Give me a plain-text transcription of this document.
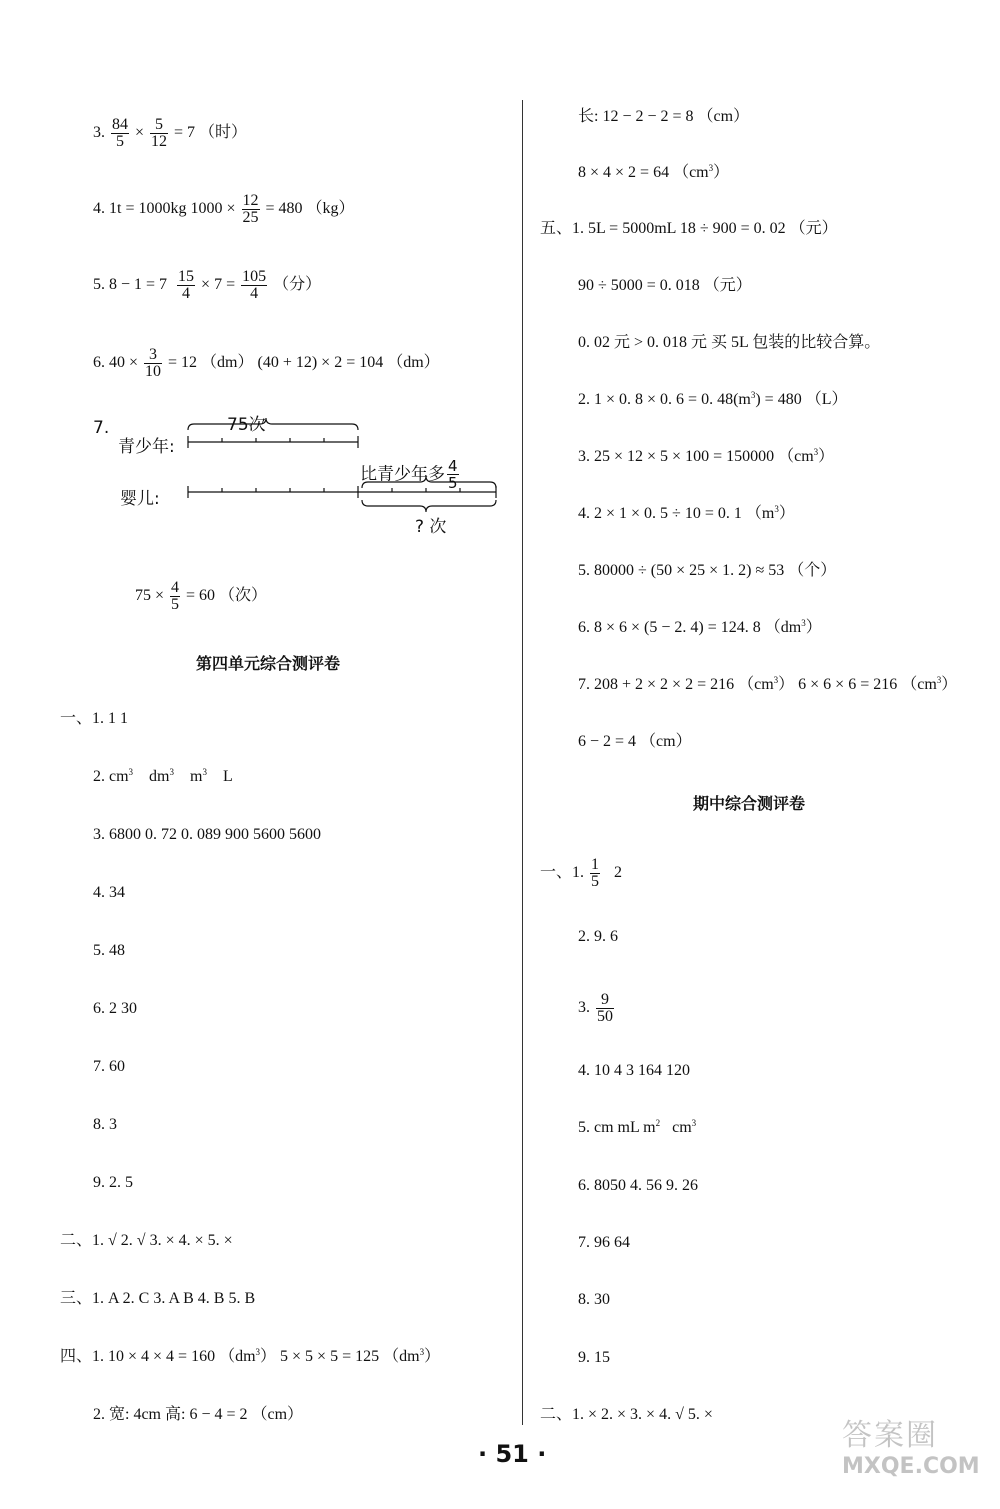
3. $\frac{84}{5} \times \frac{5}{12} = 7$ （时）
4. 1t = 1000kg $1000 \times \frac{12}{25} = 480$ （kg）
5. $8 - 1 = 7 \frac{15}{4} \times 7 = \frac{105}{4}$ （分）
6. $40 \times \frac{3}{10} = 12$ （dm） (40 + 12) × 2 = 104 （dm）
7.
青少年:
75次
婴儿:
比青少年多 $\frac{4}{5}$
? 次
$75 \times \frac{4}{5} = 60$ （次）
第四单元综合测评卷
一、1. 1 1
2. $cm^3$ $dm^3$ $m^3$ L
3. 6800 0. 72 0. 089 900 5600 5600
4. 34
5. 48
6. 2 30
7. 60
8. 3
9. 2. 5
二、1. √ 2. √ 3. × 4. × 5. ×
三、1. A 2. C 3. A B 4. B 5. B
四、1. 10 × 4 × 4 = 160 $(dm^3) 5 \times 5 \times 5 = 125$ $(dm^3)$
2. 宽: 4cm 高: 6 − 4 = 2 （cm）
长: 12 − 2 − 2 = 8 （cm）
8 × 4 × 2 = 64 $(cm^3)$
五、1. 5L = 5000mL 18 ÷ 900 = 0. 02 （元）
90 ÷ 5000 = 0. 018 （元）
0. 02 元 > 0. 018 元 买 5L 包装的比较合算。
2. 1 × 0. 8 × 0. 6 = 0. $48(m^3) = 480$ （L）
3. 25 × 12 × 5 × 100 = 150000 $(cm^3)$
4. 2 × 1 × 0. 5 ÷ 10 = 0. 1 $(m^3)$
5. 80000 ÷ (50 × 25 × 1. 2) ≈ 53 （个）
6. 8 × 6 × (5 − 2. 4) = 124. 8 $(dm^3)$
7. 208 + 2 × 2 × 2 = 216 $(cm^3) 6 \times 6 \times 6 = 216$ $(cm^3)$
6 − 2 = 4 （cm）
期中综合测评卷
一、1. $\frac{1}{5} 2$
2. 9. 6
3. $\frac{9}{50}$
4. 10 4 3 164 120
5. cm mL $m^2$ $cm^3$
6. 8050 4. 56 9. 26
7. 96 64
8. 30
9. 15
二、1. × 2. × 3. × 4. √ 5. ×
· 51 ·
答案圈
MXQE.COM
